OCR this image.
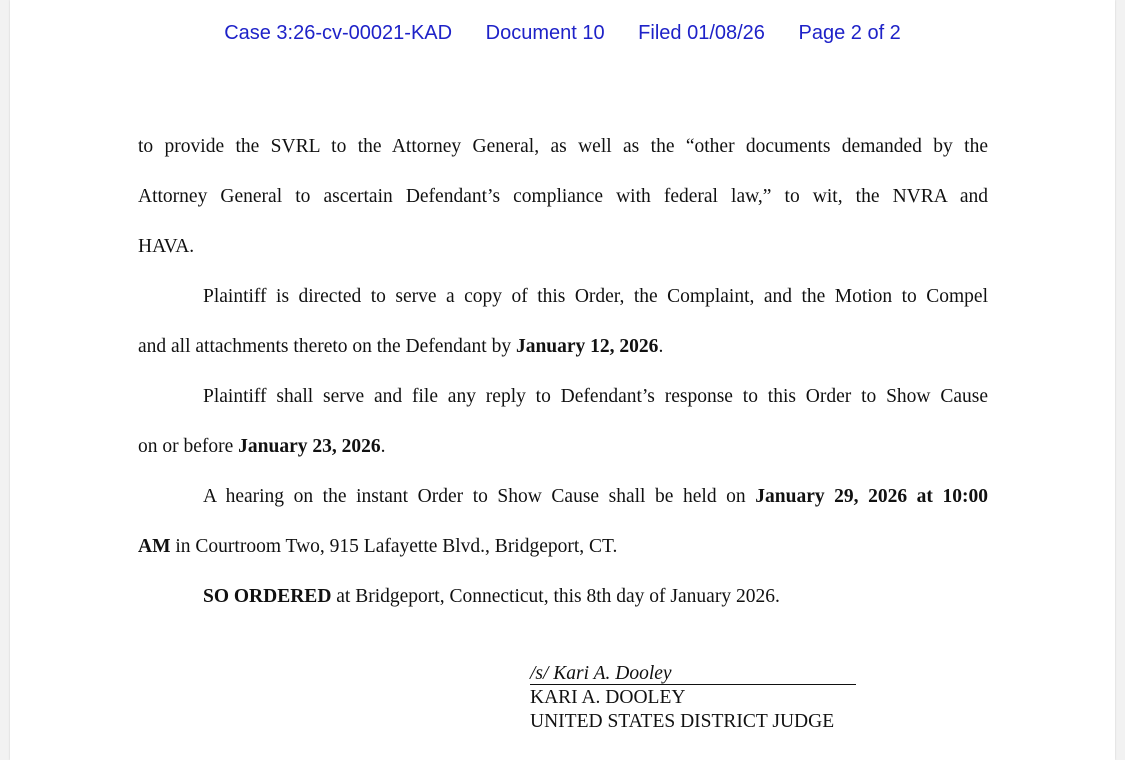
Case 3:26-cv-00021-KAD Document 10 Filed 01/08/26 Page 2 of 2
to provide the SVRL to the Attorney General, as well as the “other documents demanded by the
Attorney General to ascertain Defendant’s compliance with federal law,” to wit, the NVRA and
HAVA.
Plaintiff is directed to serve a copy of this Order, the Complaint, and the Motion to Compel
and all attachments thereto on the Defendant by January 12, 2026.
Plaintiff shall serve and file any reply to Defendant’s response to this Order to Show Cause
on or before January 23, 2026.
A hearing on the instant Order to Show Cause shall be held on January 29, 2026 at 10:00
AM in Courtroom Two, 915 Lafayette Blvd., Bridgeport, CT.
SO ORDERED at Bridgeport, Connecticut, this 8th day of January 2026.
/s/ Kari A. Dooley
KARI A. DOOLEY
UNITED STATES DISTRICT JUDGE
